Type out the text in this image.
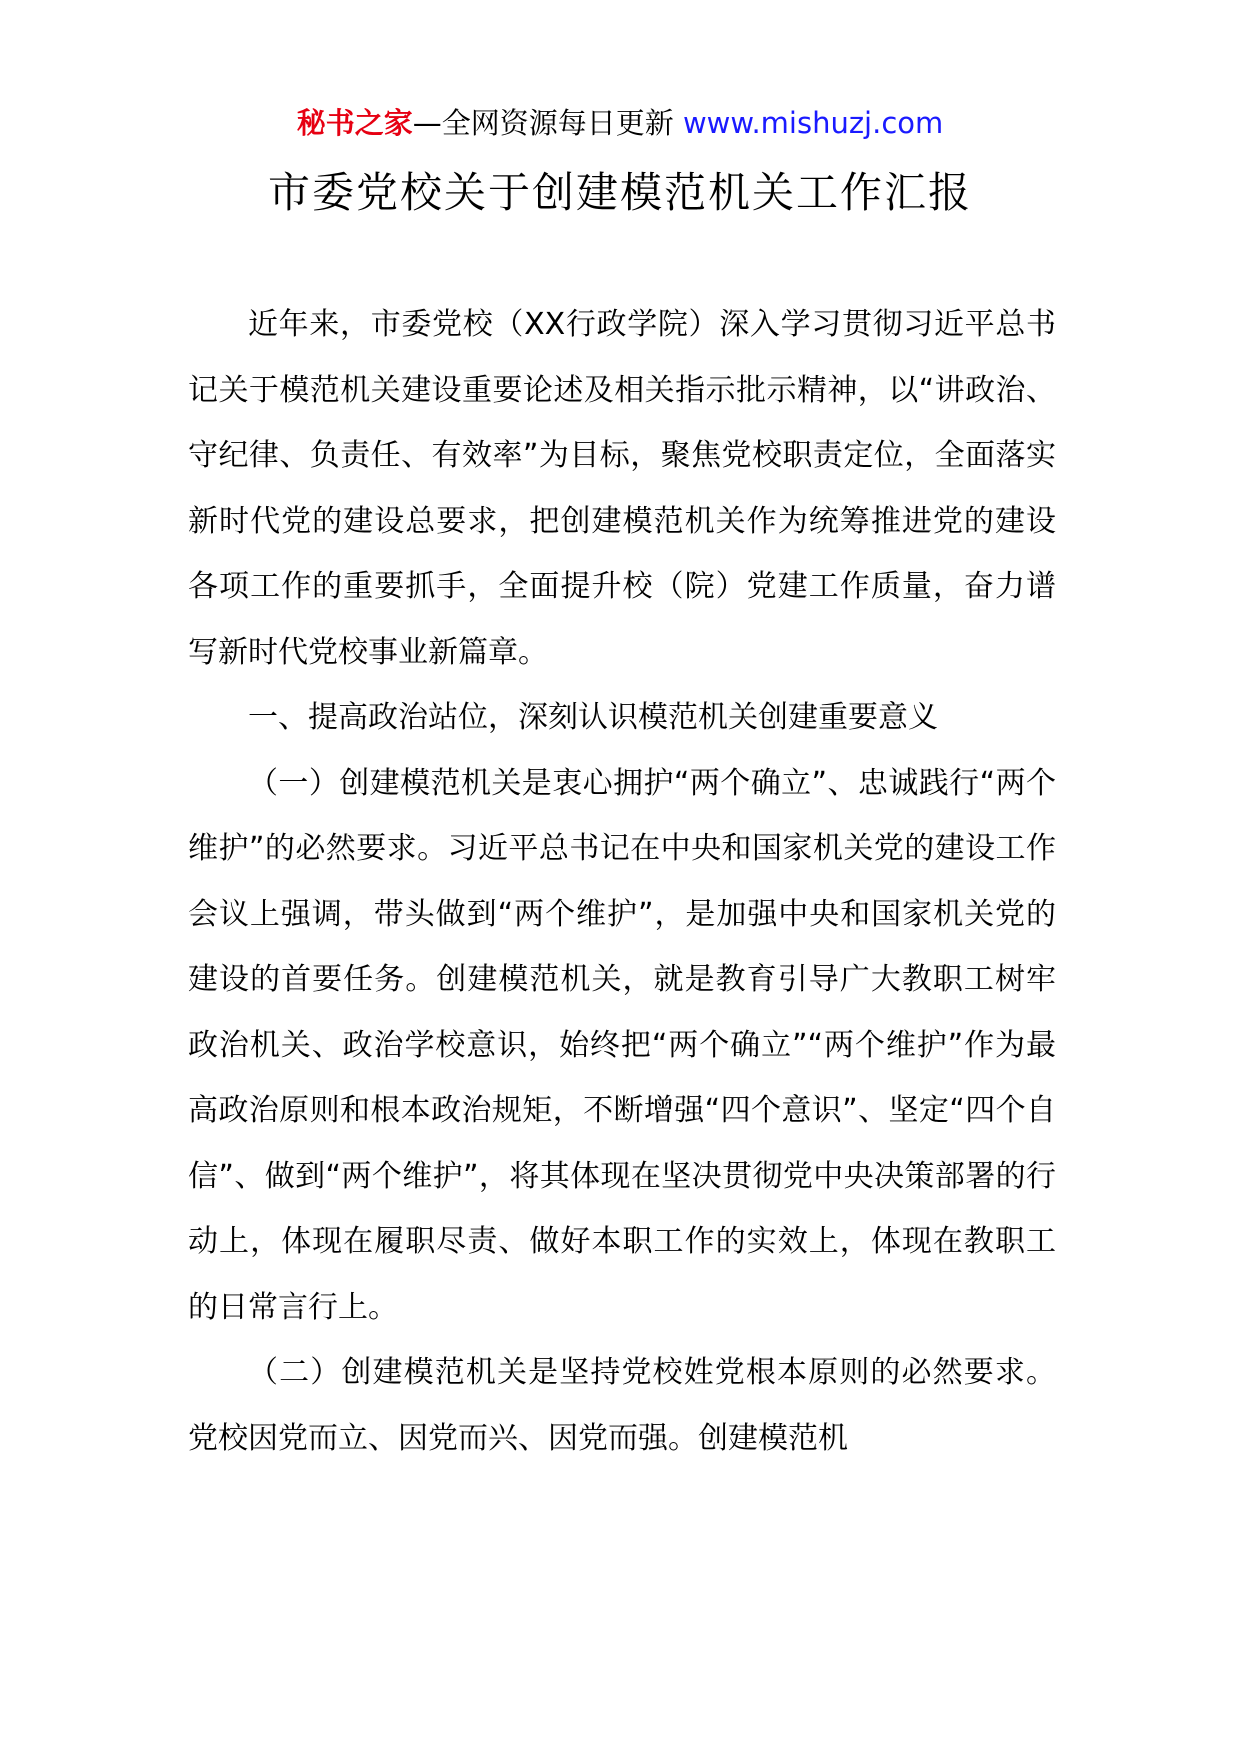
秘书之家—全网资源每日更新 www.mishuzj.com
市委党校关于创建模范机关工作汇报

近年来，市委党校（XX行政学院）深入学习贯彻习近平总书记关于模范机关建设重要论述及相关指示批示精神，以“讲政治、守纪律、负责任、有效率”为目标，聚焦党校职责定位，全面落实新时代党的建设总要求，把创建模范机关作为统筹推进党的建设各项工作的重要抓手，全面提升校（院）党建工作质量，奋力谱写新时代党校事业新篇章。

一、提高政治站位，深刻认识模范机关创建重要意义

（一）创建模范机关是衷心拥护“两个确立”、忠诚践行“两个维护”的必然要求。习近平总书记在中央和国家机关党的建设工作会议上强调，带头做到“两个维护”，是加强中央和国家机关党的建设的首要任务。创建模范机关，就是教育引导广大教职工树牢政治机关、政治学校意识，始终把“两个确立”“两个维护”作为最高政治原则和根本政治规矩，不断增强“四个意识”、坚定“四个自信”、做到“两个维护”，将其体现在坚决贯彻党中央决策部署的行动上，体现在履职尽责、做好本职工作的实效上，体现在教职工的日常言行上。

（二）创建模范机关是坚持党校姓党根本原则的必然要求。党校因党而立、因党而兴、因党而强。创建模范机
